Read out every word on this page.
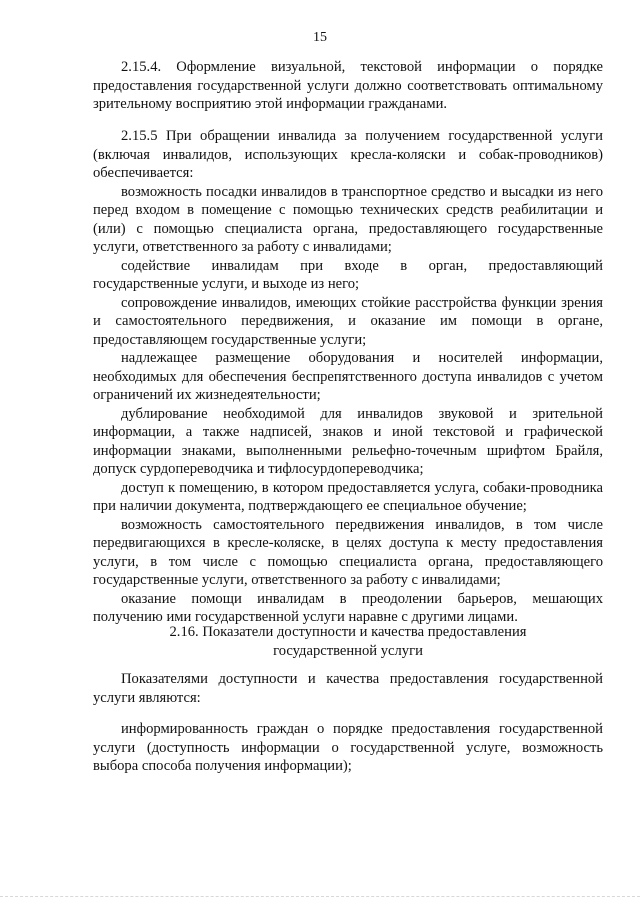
15

2.15.4. Оформление визуальной, текстовой информации о порядке предоставления государственной услуги должно соответствовать оптимальному зрительному восприятию этой информации гражданами.

2.15.5 При обращении инвалида за получением государственной услуги (включая инвалидов, использующих кресла-коляски и собак-проводников) обеспечивается:

возможность посадки инвалидов в транспортное средство и высадки из него перед входом в помещение с помощью технических средств реабилитации и (или) с помощью специалиста органа, предоставляющего государственные услуги, ответственного за работу с инвалидами;

содействие инвалидам при входе в орган, предоставляющий государственные услуги, и выходе из него;

сопровождение инвалидов, имеющих стойкие расстройства функции зрения и самостоятельного передвижения, и оказание им помощи в органе, предоставляющем государственные услуги;

надлежащее размещение оборудования и носителей информации, необходимых для обеспечения беспрепятственного доступа инвалидов с учетом ограничений их жизнедеятельности;

дублирование необходимой для инвалидов звуковой и зрительной информации, а также надписей, знаков и иной текстовой и графической информации знаками, выполненными рельефно-точечным шрифтом Брайля, допуск сурдопереводчика и тифлосурдопереводчика;

доступ к помещению, в котором предоставляется услуга, собаки-проводника при наличии документа, подтверждающего ее специальное обучение;

возможность самостоятельного передвижения инвалидов, в том числе передвигающихся в кресле-коляске, в целях доступа к месту предоставления услуги, в том числе с помощью специалиста органа, предоставляющего государственные услуги, ответственного за работу с инвалидами;

оказание помощи инвалидам в преодолении барьеров, мешающих получению ими государственной услуги наравне с другими лицами.

2.16. Показатели доступности и качества предоставления

государственной услуги

Показателями доступности и качества предоставления государственной услуги являются:

информированность граждан о порядке предоставления государственной услуги (доступность информации о государственной услуге, возможность выбора способа получения информации);
